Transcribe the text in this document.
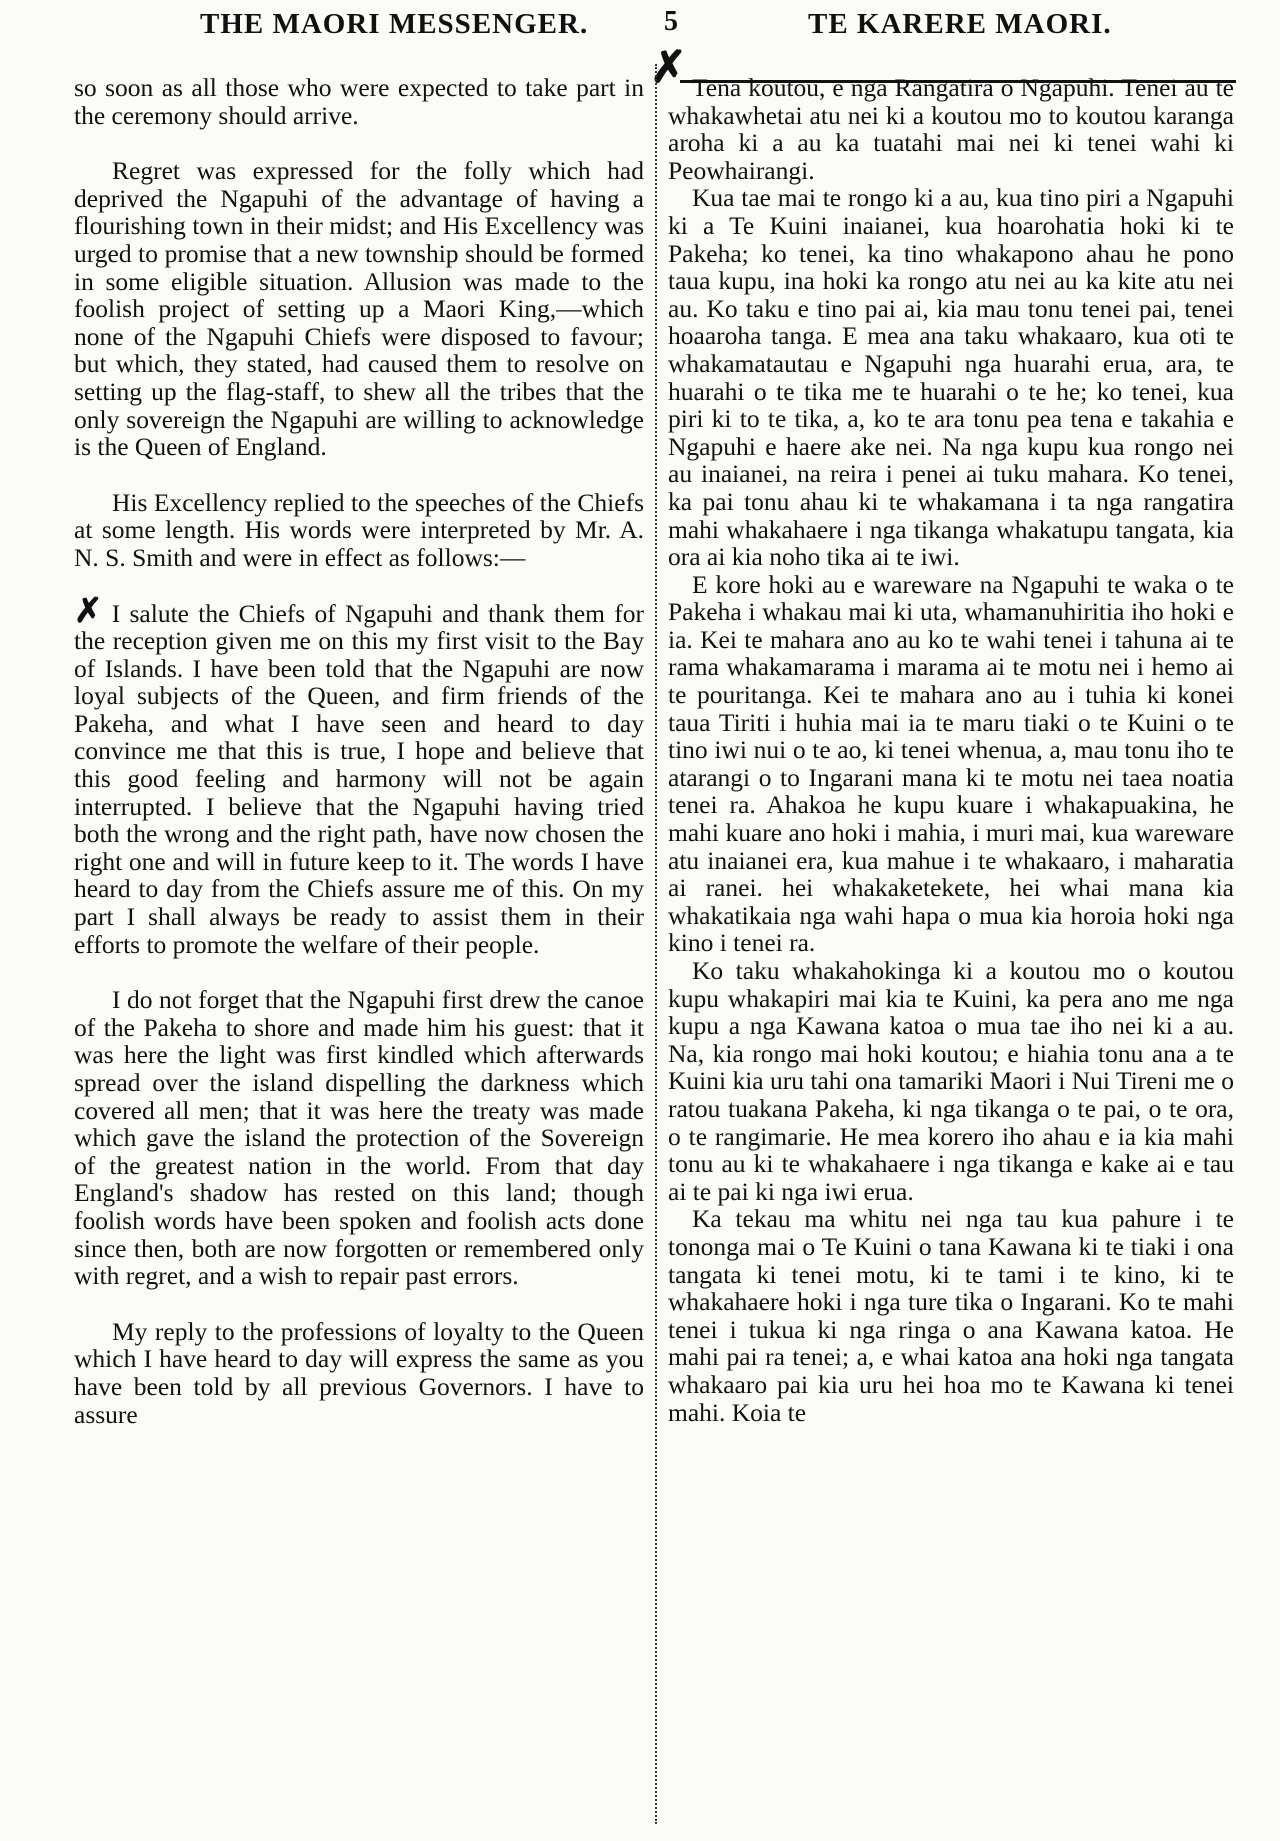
THE MAORI MESSENGER.	5	TE KARERE MAORI.
✗

so soon as all those who were expected to take part in the ceremony should arrive.

Regret was expressed for the folly which had deprived the Ngapuhi of the advantage of having a flourishing town in their midst; and His Excellency was urged to promise that a new township should be formed in some eligible situation. Allusion was made to the foolish project of setting up a Maori King,—which none of the Ngapuhi Chiefs were disposed to favour; but which, they stated, had caused them to resolve on setting up the flag-staff, to shew all the tribes that the only sovereign the Ngapuhi are willing to acknowledge is the Queen of England.

His Excellency replied to the speeches of the Chiefs at some length. His words were interpreted by Mr. A. N. S. Smith and were in effect as follows:—

✗ I salute the Chiefs of Ngapuhi and thank them for the reception given me on this my first visit to the Bay of Islands. I have been told that the Ngapuhi are now loyal subjects of the Queen, and firm friends of the Pakeha, and what I have seen and heard to day convince me that this is true, I hope and believe that this good feeling and harmony will not be again interrupted. I believe that the Ngapuhi having tried both the wrong and the right path, have now chosen the right one and will in future keep to it. The words I have heard to day from the Chiefs assure me of this. On my part I shall always be ready to assist them in their efforts to promote the welfare of their people.

I do not forget that the Ngapuhi first drew the canoe of the Pakeha to shore and made him his guest: that it was here the light was first kindled which afterwards spread over the island dispelling the darkness which covered all men; that it was here the treaty was made which gave the island the protection of the Sovereign of the greatest nation in the world. From that day England's shadow has rested on this land; though foolish words have been spoken and foolish acts done since then, both are now forgotten or remembered only with regret, and a wish to repair past errors.

My reply to the professions of loyalty to the Queen which I have heard to day will express the same as you have been told by all previous Governors. I have to assure

Tena koutou, e nga Rangatira o Ngapuhi. Tenei au te whakawhetai atu nei ki a koutou mo to koutou karanga aroha ki a au ka tuatahi mai nei ki tenei wahi ki Peowhairangi.

Kua tae mai te rongo ki a au, kua tino piri a Ngapuhi ki a Te Kuini inaianei, kua hoarohatia hoki ki te Pakeha; ko tenei, ka tino whakapono ahau he pono taua kupu, ina hoki ka rongo atu nei au ka kite atu nei au. Ko taku e tino pai ai, kia mau tonu tenei pai, tenei hoaaroha tanga. E mea ana taku whakaaro, kua oti te whakamatautau e Ngapuhi nga huarahi erua, ara, te huarahi o te tika me te huarahi o te he; ko tenei, kua piri ki to te tika, a, ko te ara tonu pea tena e takahia e Ngapuhi e haere ake nei. Na nga kupu kua rongo nei au inaianei, na reira i penei ai tuku mahara. Ko tenei, ka pai tonu ahau ki te whakamana i ta nga rangatira mahi whakahaere i nga tikanga whakatupu tangata, kia ora ai kia noho tika ai te iwi.

E kore hoki au e wareware na Ngapuhi te waka o te Pakeha i whakau mai ki uta, whamanuhiritia iho hoki e ia. Kei te mahara ano au ko te wahi tenei i tahuna ai te rama whakamarama i marama ai te motu nei i hemo ai te pouritanga. Kei te mahara ano au i tuhia ki konei taua Tiriti i huhia mai ia te maru tiaki o te Kuini o te tino iwi nui o te ao, ki tenei whenua, a, mau tonu iho te atarangi o to Ingarani mana ki te motu nei taea noatia tenei ra. Ahakoa he kupu kuare i whakapuakina, he mahi kuare ano hoki i mahia, i muri mai, kua wareware atu inaianei era, kua mahue i te whakaaro, i maharatia ai ranei. hei whakaketekete, hei whai mana kia whakatikaia nga wahi hapa o mua kia horoia hoki nga kino i tenei ra.

Ko taku whakahokinga ki a koutou mo o koutou kupu whakapiri mai kia te Kuini, ka pera ano me nga kupu a nga Kawana katoa o mua tae iho nei ki a au. Na, kia rongo mai hoki koutou; e hiahia tonu ana a te Kuini kia uru tahi ona tamariki Maori i Nui Tireni me o ratou tuakana Pakeha, ki nga tikanga o te pai, o te ora, o te rangimarie. He mea korero iho ahau e ia kia mahi tonu au ki te whakahaere i nga tikanga e kake ai e tau ai te pai ki nga iwi erua.

Ka tekau ma whitu nei nga tau kua pahure i te tononga mai o Te Kuini o tana Kawana ki te tiaki i ona tangata ki tenei motu, ki te tami i te kino, ki te whakahaere hoki i nga ture tika o Ingarani. Ko te mahi tenei i tukua ki nga ringa o ana Kawana katoa. He mahi pai ra tenei; a, e whai katoa ana hoki nga tangata whakaaro pai kia uru hei hoa mo te Kawana ki tenei mahi. Koia te
